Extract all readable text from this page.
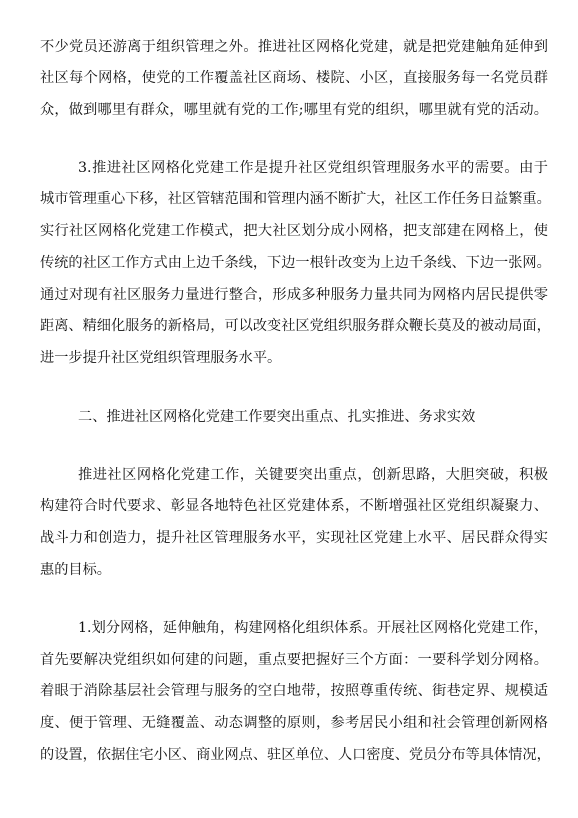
不少党员还游离于组织管理之外。推进社区网格化党建，就是把党建触角延伸到
社区每个网格，使党的工作覆盖社区商场、楼院、小区，直接服务每一名党员群
众，做到哪里有群众，哪里就有党的工作;哪里有党的组织，哪里就有党的活动。
3.推进社区网格化党建工作是提升社区党组织管理服务水平的需要。由于
城市管理重心下移，社区管辖范围和管理内涵不断扩大，社区工作任务日益繁重。
实行社区网格化党建工作模式，把大社区划分成小网格，把支部建在网格上，使
传统的社区工作方式由上边千条线，下边一根针改变为上边千条线、下边一张网。
通过对现有社区服务力量进行整合，形成多种服务力量共同为网格内居民提供零
距离、精细化服务的新格局，可以改变社区党组织服务群众鞭长莫及的被动局面，
进一步提升社区党组织管理服务水平。
二、推进社区网格化党建工作要突出重点、扎实推进、务求实效
推进社区网格化党建工作，关键要突出重点，创新思路，大胆突破，积极
构建符合时代要求、彰显各地特色社区党建体系，不断增强社区党组织凝聚力、
战斗力和创造力，提升社区管理服务水平，实现社区党建上水平、居民群众得实
惠的目标。
1.划分网格，延伸触角，构建网格化组织体系。开展社区网格化党建工作，
首先要解决党组织如何建的问题，重点要把握好三个方面：一要科学划分网格。
着眼于消除基层社会管理与服务的空白地带，按照尊重传统、街巷定界、规模适
度、便于管理、无缝覆盖、动态调整的原则，参考居民小组和社会管理创新网格
的设置，依据住宅小区、商业网点、驻区单位、人口密度、党员分布等具体情况，
